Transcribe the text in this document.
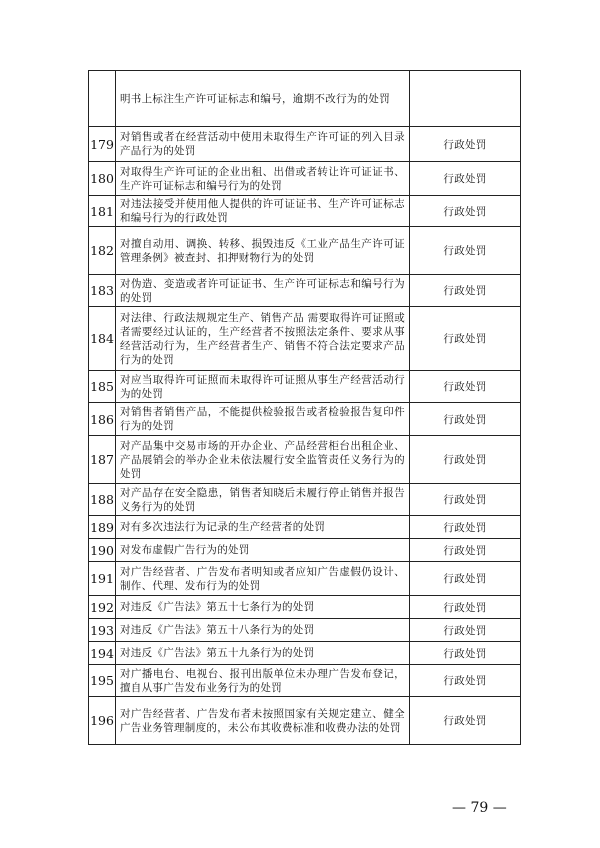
	明书上标注生产许可证标志和编号，逾期不改行为的处罚	
179	对销售或者在经营活动中使用未取得生产许可证的列入目录产品行为的处罚	行政处罚
180	对取得生产许可证的企业出租、出借或者转让许可证证书、生产许可证标志和编号行为的处罚	行政处罚
181	对违法接受并使用他人提供的许可证证书、生产许可证标志和编号行为的行政处罚	行政处罚
182	对擅自动用、调换、转移、损毁违反《工业产品生产许可证管理条例》被查封、扣押财物行为的处罚	行政处罚
183	对伪造、变造或者许可证证书、生产许可证标志和编号行为的处罚	行政处罚
184	对法律、行政法规规定生产、销售产品 需要取得许可证照或者需要经过认证的，生产经营者不按照法定条件、要求从事经营活动行为，生产经营者生产、销售不符合法定要求产品行为的处罚	行政处罚
185	对应当取得许可证照而未取得许可证照从事生产经营活动行为的处罚	行政处罚
186	对销售者销售产品，不能提供检验报告或者检验报告复印件行为的处罚	行政处罚
187	对产品集中交易市场的开办企业、产品经营柜台出租企业、产品展销会的举办企业未依法履行安全监管责任义务行为的处罚	行政处罚
188	对产品存在安全隐患，销售者知晓后未履行停止销售并报告义务行为的处罚	行政处罚
189	对有多次违法行为记录的生产经营者的处罚	行政处罚
190	对发布虚假广告行为的处罚	行政处罚
191	对广告经营者、广告发布者明知或者应知广告虚假仍设计、制作、代理、发布行为的处罚	行政处罚
192	对违反《广告法》第五十七条行为的处罚	行政处罚
193	对违反《广告法》第五十八条行为的处罚	行政处罚
194	对违反《广告法》第五十九条行为的处罚	行政处罚
195	对广播电台、电视台、报刊出版单位未办理广告发布登记，擅自从事广告发布业务行为的处罚	行政处罚
196	对广告经营者、广告发布者未按照国家有关规定建立、健全广告业务管理制度的，未公布其收费标准和收费办法的处罚	行政处罚
— 79 —
